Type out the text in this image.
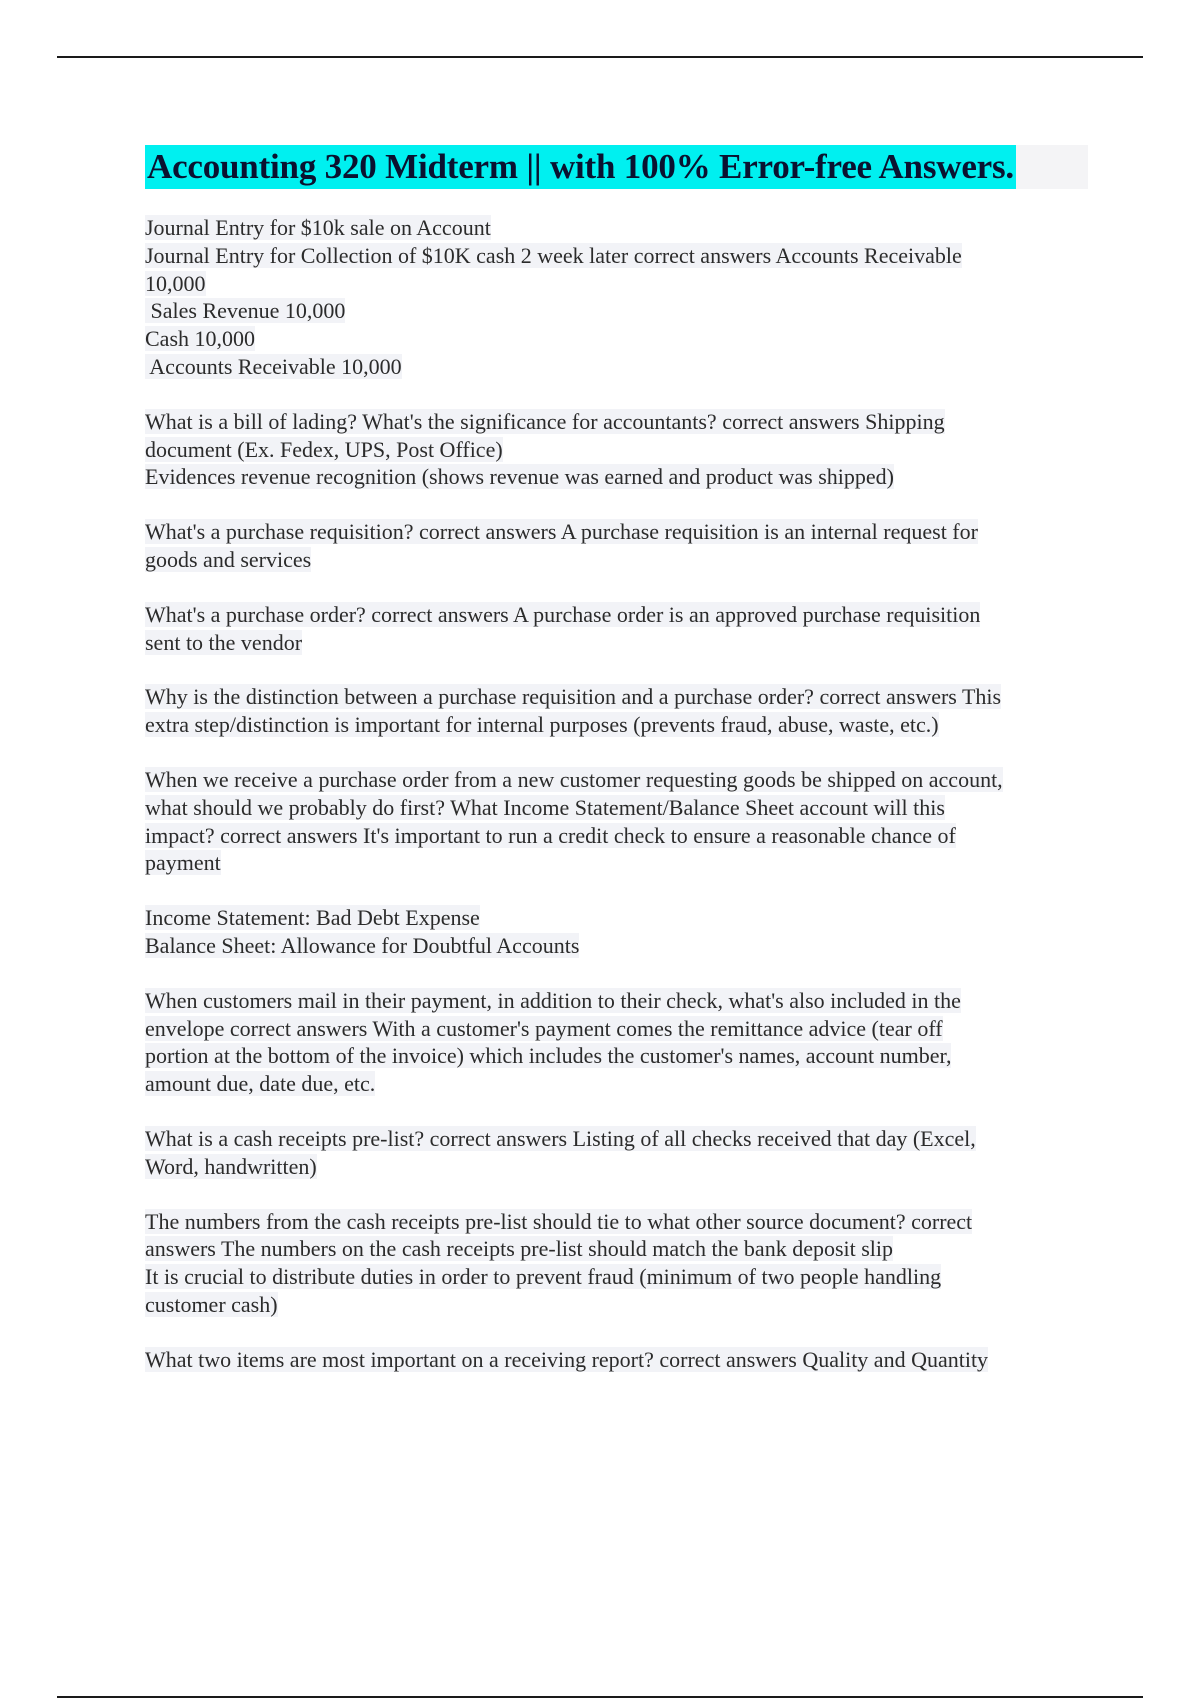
Accounting 320 Midterm || with 100% Error-free Answers.
Journal Entry for $10k sale on Account
Journal Entry for Collection of $10K cash 2 week later correct answers Accounts Receivable
10,000
Sales Revenue 10,000
Cash 10,000
Accounts Receivable 10,000
What is a bill of lading? What's the significance for accountants? correct answers Shipping
document (Ex. Fedex, UPS, Post Office)
Evidences revenue recognition (shows revenue was earned and product was shipped)
What's a purchase requisition? correct answers A purchase requisition is an internal request for
goods and services
What's a purchase order? correct answers A purchase order is an approved purchase requisition
sent to the vendor
Why is the distinction between a purchase requisition and a purchase order? correct answers This
extra step/distinction is important for internal purposes (prevents fraud, abuse, waste, etc.)
When we receive a purchase order from a new customer requesting goods be shipped on account,
what should we probably do first? What Income Statement/Balance Sheet account will this
impact? correct answers It's important to run a credit check to ensure a reasonable chance of
payment
Income Statement: Bad Debt Expense
Balance Sheet: Allowance for Doubtful Accounts
When customers mail in their payment, in addition to their check, what's also included in the
envelope correct answers With a customer's payment comes the remittance advice (tear off
portion at the bottom of the invoice) which includes the customer's names, account number,
amount due, date due, etc.
What is a cash receipts pre-list? correct answers Listing of all checks received that day (Excel,
Word, handwritten)
The numbers from the cash receipts pre-list should tie to what other source document? correct
answers The numbers on the cash receipts pre-list should match the bank deposit slip
It is crucial to distribute duties in order to prevent fraud (minimum of two people handling
customer cash)
What two items are most important on a receiving report? correct answers Quality and Quantity
